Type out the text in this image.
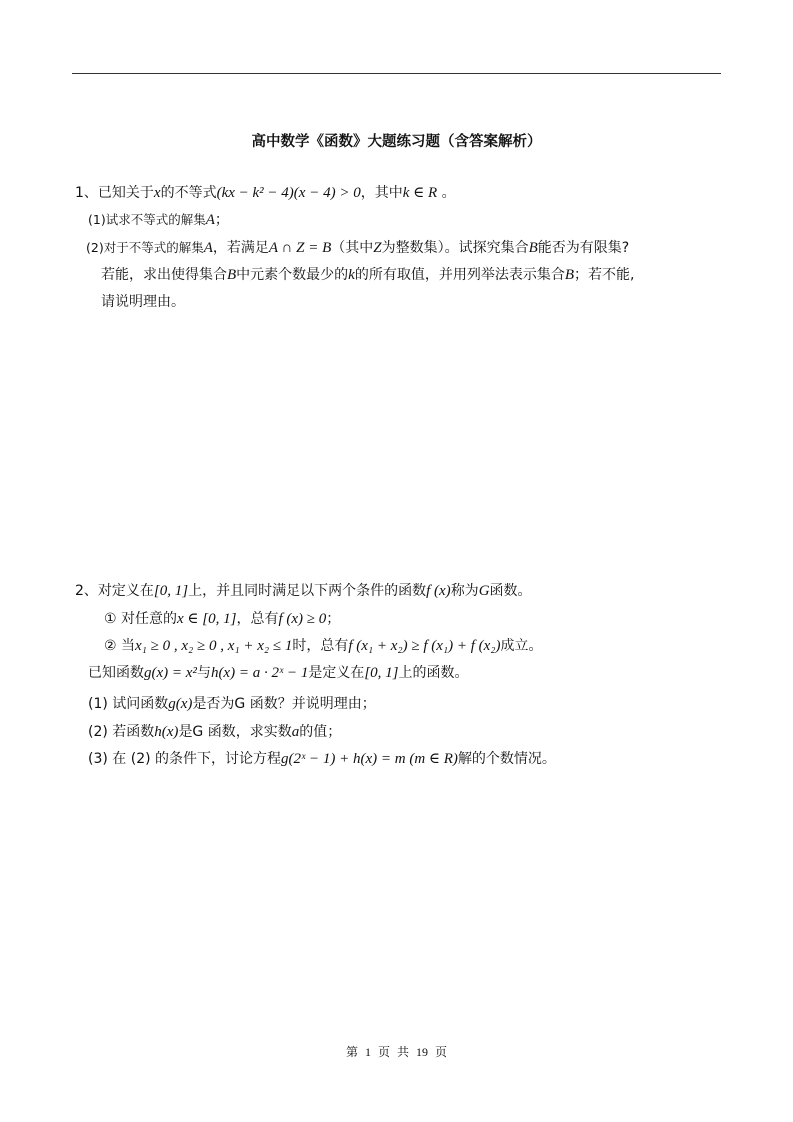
高中数学《函数》大题练习题（含答案解析）
1、已知关于x的不等式(kx − k² − 4)(x − 4) > 0，其中k ∈ R 。
(1)试求不等式的解集A；
(2)对于不等式的解集A，若满足A ∩ Z = B（其中Z为整数集）。试探究集合B能否为有限集?
若能，求出使得集合B中元素个数最少的k的所有取值，并用列举法表示集合B；若不能,
请说明理由。
2、对定义在[0, 1]上，并且同时满足以下两个条件的函数f (x)称为G函数。
① 对任意的x ∈ [0, 1]，总有f (x) ≥ 0；
② 当x₁ ≥ 0 , x₂ ≥ 0 , x₁ + x₂ ≤ 1时，总有f (x₁ + x₂) ≥ f (x₁) + f (x₂)成立。
已知函数g(x) = x²与h(x) = a · 2ˣ − 1是定义在[0, 1]上的函数。
(1) 试问函数g(x)是否为G 函数？并说明理由；
(2) 若函数h(x)是G 函数，求实数a的值；
(3) 在 (2) 的条件下，讨论方程g(2ˣ − 1) + h(x) = m (m ∈ R)解的个数情况。
第 1 页 共 19 页
